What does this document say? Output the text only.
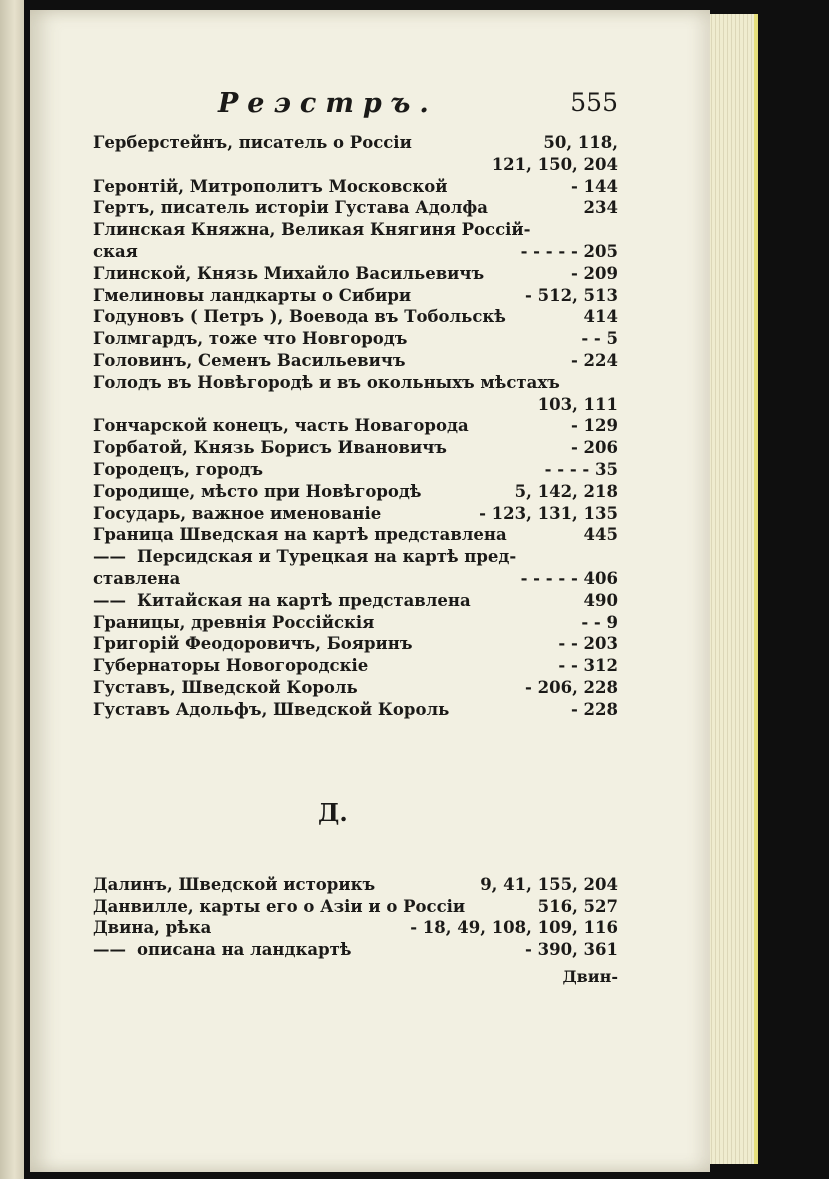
Реэстръ.	555
Герберстейнъ, писатель о Россіи	50, 118,
121, 150, 204
Геронтій, Митрополитъ Московской	- 144
Гертъ, писатель исторіи Густава Адолфа	234
Глинская Княжна, Великая Княгиня Россій-
ская	- - - - - 205
Глинской, Князь Михайло Васильевичъ	- 209
Гмелиновы ландкарты о Сибири	- 512, 513
Годуновъ ( Петръ ), Воевода въ Тобольскѣ	414
Голмгардъ, тоже что Новгородъ	- - 5
Головинъ, Семенъ Васильевичъ	- 224
Голодъ въ Новѣгородѣ и въ окольныхъ мѣстахъ
103, 111
Гончарской конецъ, часть Новагорода	- 129
Горбатой, Князь Борисъ Ивановичъ	- 206
Городецъ, городъ	- - - - 35
Городище, мѣсто при Новѣгородѣ	5, 142, 218
Государь, важное именованіе	- 123, 131, 135
Граница Шведская на картѣ представлена	445
—— Персидская и Турецкая на картѣ пред-
ставлена	- - - - - 406
—— Китайская на картѣ представлена	490
Границы, древнія Россійскія	- - 9
Григорій Феодоровичъ, Бояринъ	- - 203
Губернаторы Новогородскіе	- - 312
Густавъ, Шведской Король	- 206, 228
Густавъ Адольфъ, Шведской Король	- 228
Д.
Далинъ, Шведской историкъ	9, 41, 155, 204
Данвилле, карты его о Азіи и о Россіи	516, 527
Двина, рѣка	- 18, 49, 108, 109, 116
—— описана на ландкартѣ	- 390, 361
Двин-
